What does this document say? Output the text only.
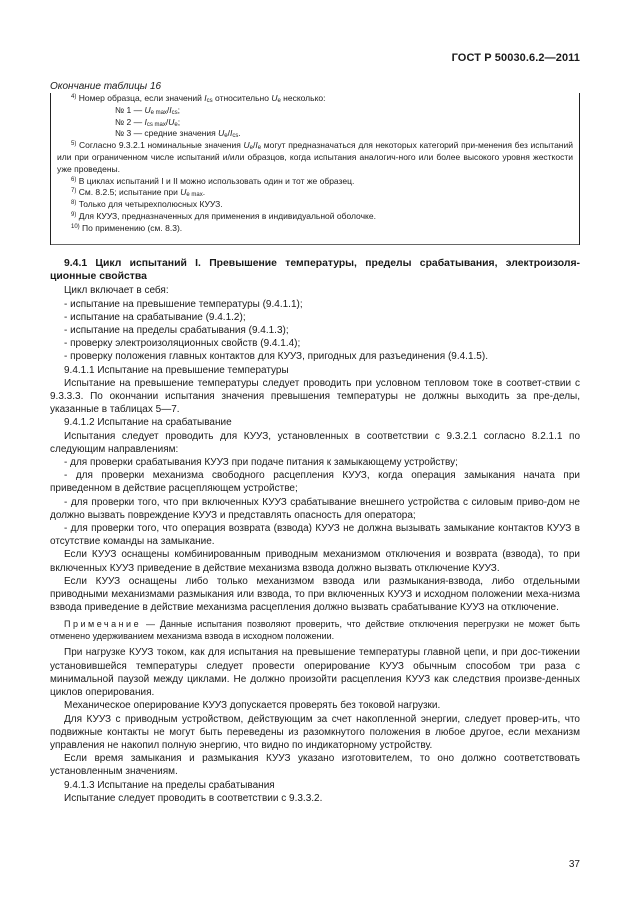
ГОСТ Р 50030.6.2—2011
Окончание таблицы 16
$^{4)}$ Номер образца, если значений $I_{cs}$ относительно $U_e$ несколько:
№ 1 — $U_{e max}/I_{cs}$;
№ 2 — $I_{cs max}/U_e$;
№ 3 — средние значения $U_e/I_{cs}$.
$^{5)}$ Согласно 9.3.2.1 номинальные значения $U_e/I_e$ могут предназначаться для некоторых категорий при-менения без испытаний или при ограниченном числе испытаний и/или образцов, когда испытания аналогич-ного или более высокого уровня жесткости уже проведены.
$^{6)}$ В циклах испытаний I и II можно использовать один и тот же образец.
$^{7)}$ См. 8.2.5; испытание при $U_{e max}$.
$^{8)}$ Только для четырехполюсных КУУЗ.
$^{9)}$ Для КУУЗ, предназначенных для применения в индивидуальной оболочке.
$^{10)}$ По применению (см. 8.3).

9.4.1 Цикл испытаний I. Превышение температуры, пределы срабатывания, электроизоля-ционные свойства

Цикл включает в себя:

- испытание на превышение температуры (9.4.1.1);

- испытание на срабатывание (9.4.1.2);

- испытание на пределы срабатывания (9.4.1.3);

- проверку электроизоляционных свойств (9.4.1.4);

- проверку положения главных контактов для КУУЗ, пригодных для разъединения (9.4.1.5).

9.4.1.1 Испытание на превышение температуры

Испытание на превышение температуры следует проводить при условном тепловом токе в соответ-ствии с 9.3.3.3. По окончании испытания значения превышения температуры не должны выходить за пре-делы, указанные в таблицах 5—7.

9.4.1.2 Испытание на срабатывание

Испытания следует проводить для КУУЗ, установленных в соответствии с 9.3.2.1 согласно 8.2.1.1 по следующим направлениям:

- для проверки срабатывания КУУЗ при подаче питания к замыкающему устройству;

- для проверки механизма свободного расцепления КУУЗ, когда операция замыкания начата при приведенном в действие расцепляющем устройстве;

- для проверки того, что при включенных КУУЗ срабатывание внешнего устройства с силовым приво-дом не должно вызвать повреждение КУУЗ и представлять опасность для оператора;

- для проверки того, что операция возврата (взвода) КУУЗ не должна вызывать замыкание контактов КУУЗ в отсутствие команды на замыкание.

Если КУУЗ оснащены комбинированным приводным механизмом отключения и возврата (взвода), то при включенных КУУЗ приведение в действие механизма взвода должно вызвать отключение КУУЗ.

Если КУУЗ оснащены либо только механизмом взвода или размыкания-взвода, либо отдельными приводными механизмами размыкания или взвода, то при включенных КУУЗ и исходном положении меха-низма взвода приведение в действие механизма расцепления должно вызвать срабатывание КУУЗ на отключение.

Примечание — Данные испытания позволяют проверить, что действие отключения перегрузки не может быть отменено удерживанием механизма взвода в исходном положении.

При нагрузке КУУЗ током, как для испытания на превышение температуры главной цепи, и при дос-тижении установившейся температуры следует провести оперирование КУУЗ обычным способом три раза с минимальной паузой между циклами. Не должно произойти расцепления КУУЗ как следствия произве-денных циклов оперирования.

Механическое оперирование КУУЗ допускается проверять без токовой нагрузки.

Для КУУЗ с приводным устройством, действующим за счет накопленной энергии, следует провер-ить, что подвижные контакты не могут быть переведены из разомкнутого положения в любое другое, если механизм управления не накопил полную энергию, что видно по индикаторному устройству.

Если время замыкания и размыкания КУУЗ указано изготовителем, то оно должно соответствовать установленным значениям.

9.4.1.3 Испытание на пределы срабатывания

Испытание следует проводить в соответствии с 9.3.3.2.

37
